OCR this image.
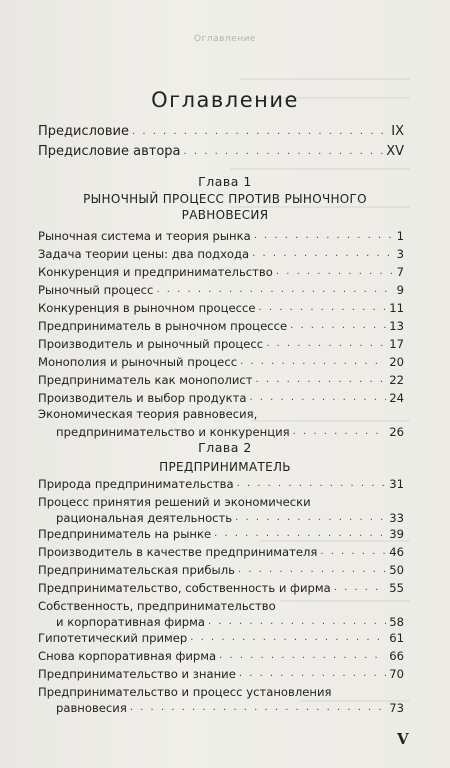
Оглавление
Оглавление
Предисловие . . .	IX
Предисловие автора . . .	XV
Глава 1
РЫНОЧНЫЙ ПРОЦЕСС ПРОТИВ РЫНОЧНОГО
РАВНОВЕСИЯ
Рыночная система и теория рынка . . .	1
Задача теории цены: два подхода . . .	3
Конкуренция и предпринимательство . . .	7
Рыночный процесс . . .	9
Конкуренция в рыночном процессе . . .	11
Предприниматель в рыночном процессе . . .	13
Производитель и рыночный процесс . . .	17
Монополия и рыночный процесс . . .	20
Предприниматель как монополист . . .	22
Производитель и выбор продукта . . .	24
Экономическая теория равновесия,
предпринимательство и конкуренция . . .	26
Глава 2
ПРЕДПРИНИМАТЕЛЬ
Природа предпринимательства . . .	31
Процесс принятия решений и экономически
рациональная деятельность . . .	33
Предприниматель на рынке . . .	39
Производитель в качестве предпринимателя . . .	46
Предпринимательская прибыль . . .	50
Предпринимательство, собственность и фирма . . .	55
Собственность, предпринимательство
и корпоративная фирма . . .	58
Гипотетический пример . . .	61
Снова корпоративная фирма . . .	66
Предпринимательство и знание . . .	70
Предпринимательство и процесс установления
равновесия . . .	73
V
